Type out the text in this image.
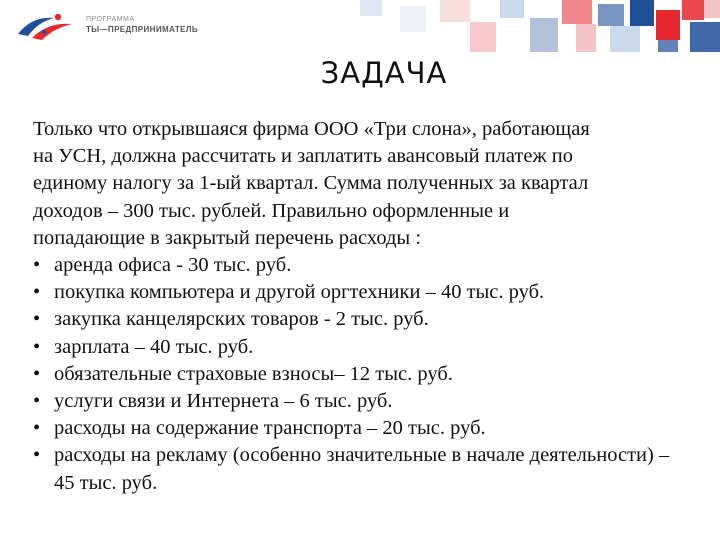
ПРОГРАММА
ТЫ—ПРЕДПРИНИМАТЕЛЬ
ЗАДАЧА
Только что открывшаяся фирма ООО «Три слона», работающая
на УСН, должна рассчитать и заплатить авансовый платеж по
единому налогу за 1-ый квартал. Сумма полученных за квартал
доходов – 300 тыс. рублей. Правильно оформленные и
попадающие в закрытый перечень расходы :
• аренда офиса - 30 тыс. руб.
• покупка компьютера и другой оргтехники – 40 тыс. руб.
• закупка канцелярских товаров - 2 тыс. руб.
• зарплата – 40 тыс. руб.
• обязательные страховые взносы– 12 тыс. руб.
• услуги связи и Интернета – 6 тыс. руб.
• расходы на содержание транспорта – 20 тыс. руб.
• расходы на рекламу (особенно значительные в начале деятельности) – 45 тыс. руб.
